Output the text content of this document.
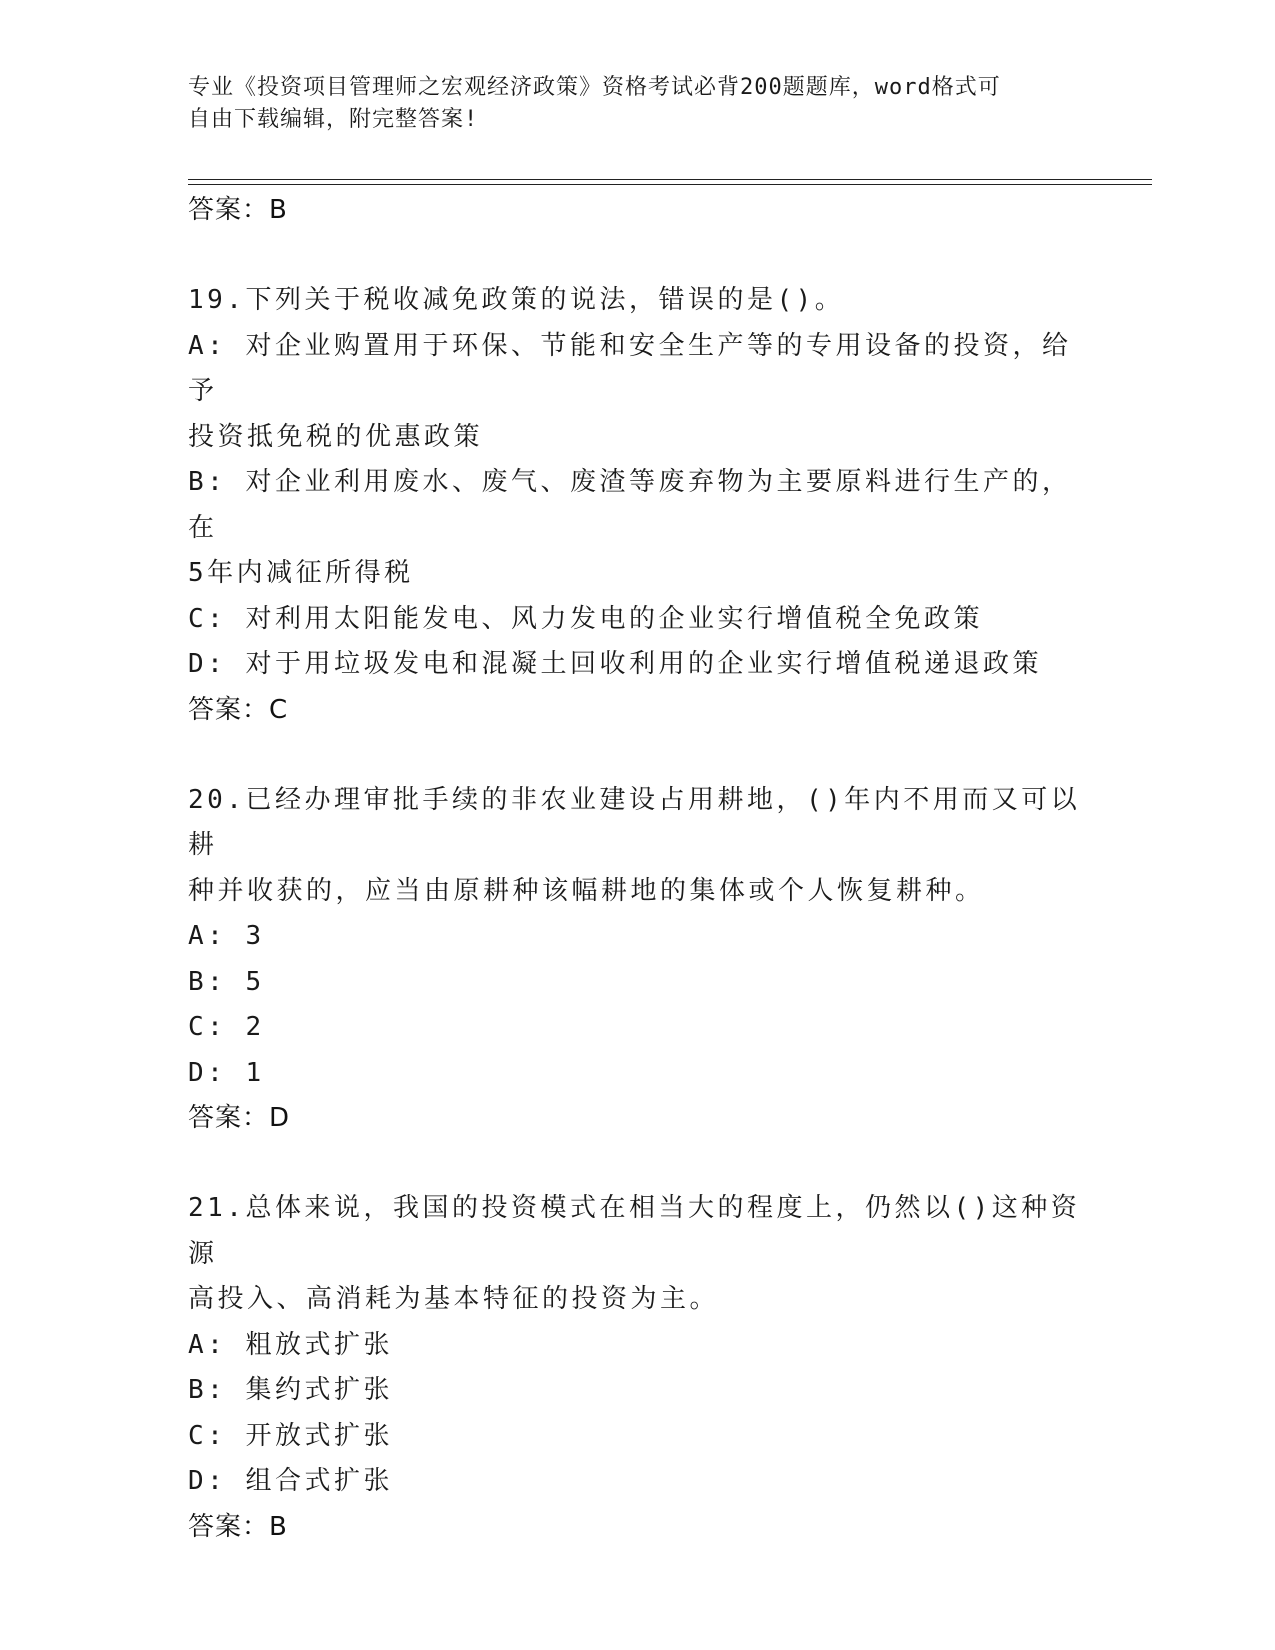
专业《投资项目管理师之宏观经济政策》资格考试必背200题题库，word格式可
自由下载编辑，附完整答案!
答案：B
19.下列关于税收减免政策的说法，错误的是()。
A: 对企业购置用于环保、节能和安全生产等的专用设备的投资，给予
投资抵免税的优惠政策
B: 对企业利用废水、废气、废渣等废弃物为主要原料进行生产的，在
5年内减征所得税
C: 对利用太阳能发电、风力发电的企业实行增值税全免政策
D: 对于用垃圾发电和混凝土回收利用的企业实行增值税递退政策
答案：C
20.已经办理审批手续的非农业建设占用耕地，()年内不用而又可以耕
种并收获的，应当由原耕种该幅耕地的集体或个人恢复耕种。
A: 3
B: 5
C: 2
D: 1
答案：D
21.总体来说，我国的投资模式在相当大的程度上，仍然以()这种资源
高投入、高消耗为基本特征的投资为主。
A: 粗放式扩张
B: 集约式扩张
C: 开放式扩张
D: 组合式扩张
答案：B
